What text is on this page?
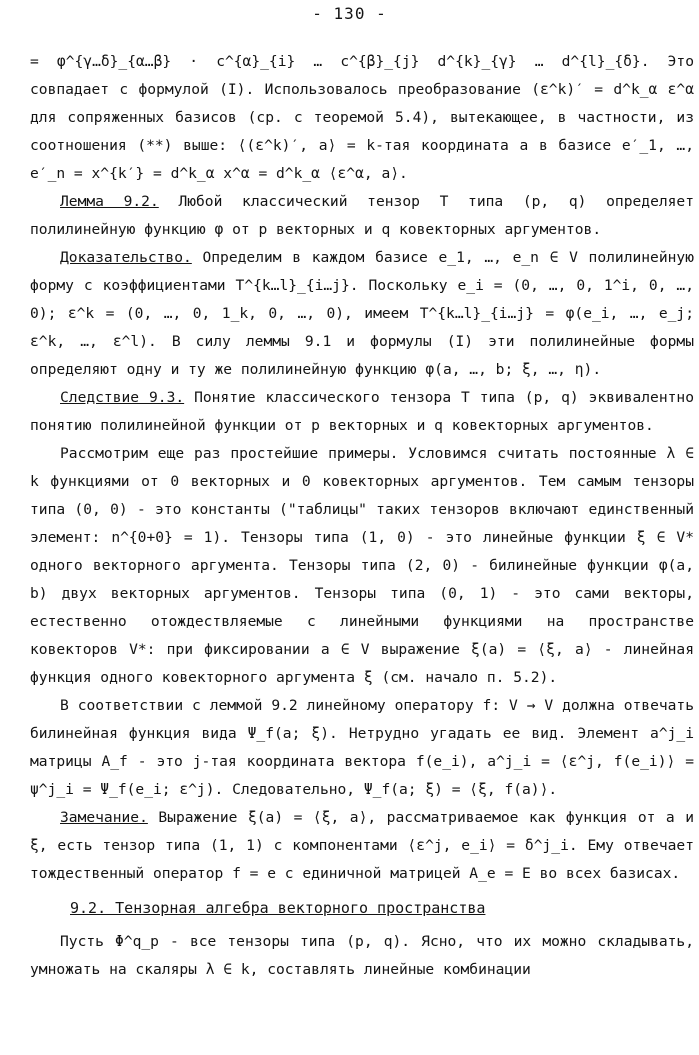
- 130 -

= φ^{γ…δ}_{α…β} · c^{α}_{i} … c^{β}_{j} d^{k}_{γ} … d^{l}_{δ}. Это совпадает с формулой (I). Использовалось преобразование (ε^k)′ = d^k_α ε^α для сопряженных базисов (ср. с теоремой 5.4), вытекающее, в частности, из соотношения (**) выше: ⟨(ε^k)′, a⟩ = k-тая координата a в базисе e′_1, …, e′_n = x^{k′} = d^k_α x^α = d^k_α ⟨ε^α, a⟩.

Лемма 9.2. Любой классический тензор T типа (p, q) определяет полилинейную функцию φ от p векторных и q ковекторных аргументов.

Доказательство. Определим в каждом базисе e_1, …, e_n ∈ V полилинейную форму с коэффициентами T^{k…l}_{i…j}. Поскольку e_i = (0, …, 0, 1^i, 0, …, 0); ε^k = (0, …, 0, 1_k, 0, …, 0), имеем T^{k…l}_{i…j} = φ(e_i, …, e_j; ε^k, …, ε^l). В силу леммы 9.1 и формулы (I) эти полилинейные формы определяют одну и ту же полилинейную функцию φ(a, …, b; ξ, …, η).

Следствие 9.3. Понятие классического тензора T типа (p, q) эквивалентно понятию полилинейной функции от p векторных и q ковекторных аргументов.

Рассмотрим еще раз простейшие примеры. Условимся считать постоянные λ ∈ k функциями от 0 векторных и 0 ковекторных аргументов. Тем самым тензоры типа (0, 0) - это константы ("таблицы" таких тензоров включают единственный элемент: n^{0+0} = 1). Тензоры типа (1, 0) - это линейные функции ξ ∈ V* одного векторного аргумента. Тензоры типа (2, 0) - билинейные функции φ(a, b) двух векторных аргументов. Тензоры типа (0, 1) - это сами векторы, естественно отождествляемые с линейными функциями на пространстве ковекторов V*: при фиксировании a ∈ V выражение ξ(a) = ⟨ξ, a⟩ - линейная функция одного ковекторного аргумента ξ (см. начало п. 5.2).

В соответствии с леммой 9.2 линейному оператору f: V → V должна отвечать билинейная функция вида Ψ_f(a; ξ). Нетрудно угадать ее вид. Элемент a^j_i матрицы A_f - это j-тая координата вектора f(e_i), a^j_i = ⟨ε^j, f(e_i)⟩ = ψ^j_i = Ψ_f(e_i; ε^j). Следовательно, Ψ_f(a; ξ) = ⟨ξ, f(a)⟩.

Замечание. Выражение ξ(a) = ⟨ξ, a⟩, рассматриваемое как функция от a и ξ, есть тензор типа (1, 1) с компонентами ⟨ε^j, e_i⟩ = δ^j_i. Ему отвечает тождественный оператор f = e с единичной матрицей A_e = E во всех базисах.

9.2. Тензорная алгебра векторного пространства

Пусть Φ^q_p - все тензоры типа (p, q). Ясно, что их можно складывать, умножать на скаляры λ ∈ k, составлять линейные комбинации
